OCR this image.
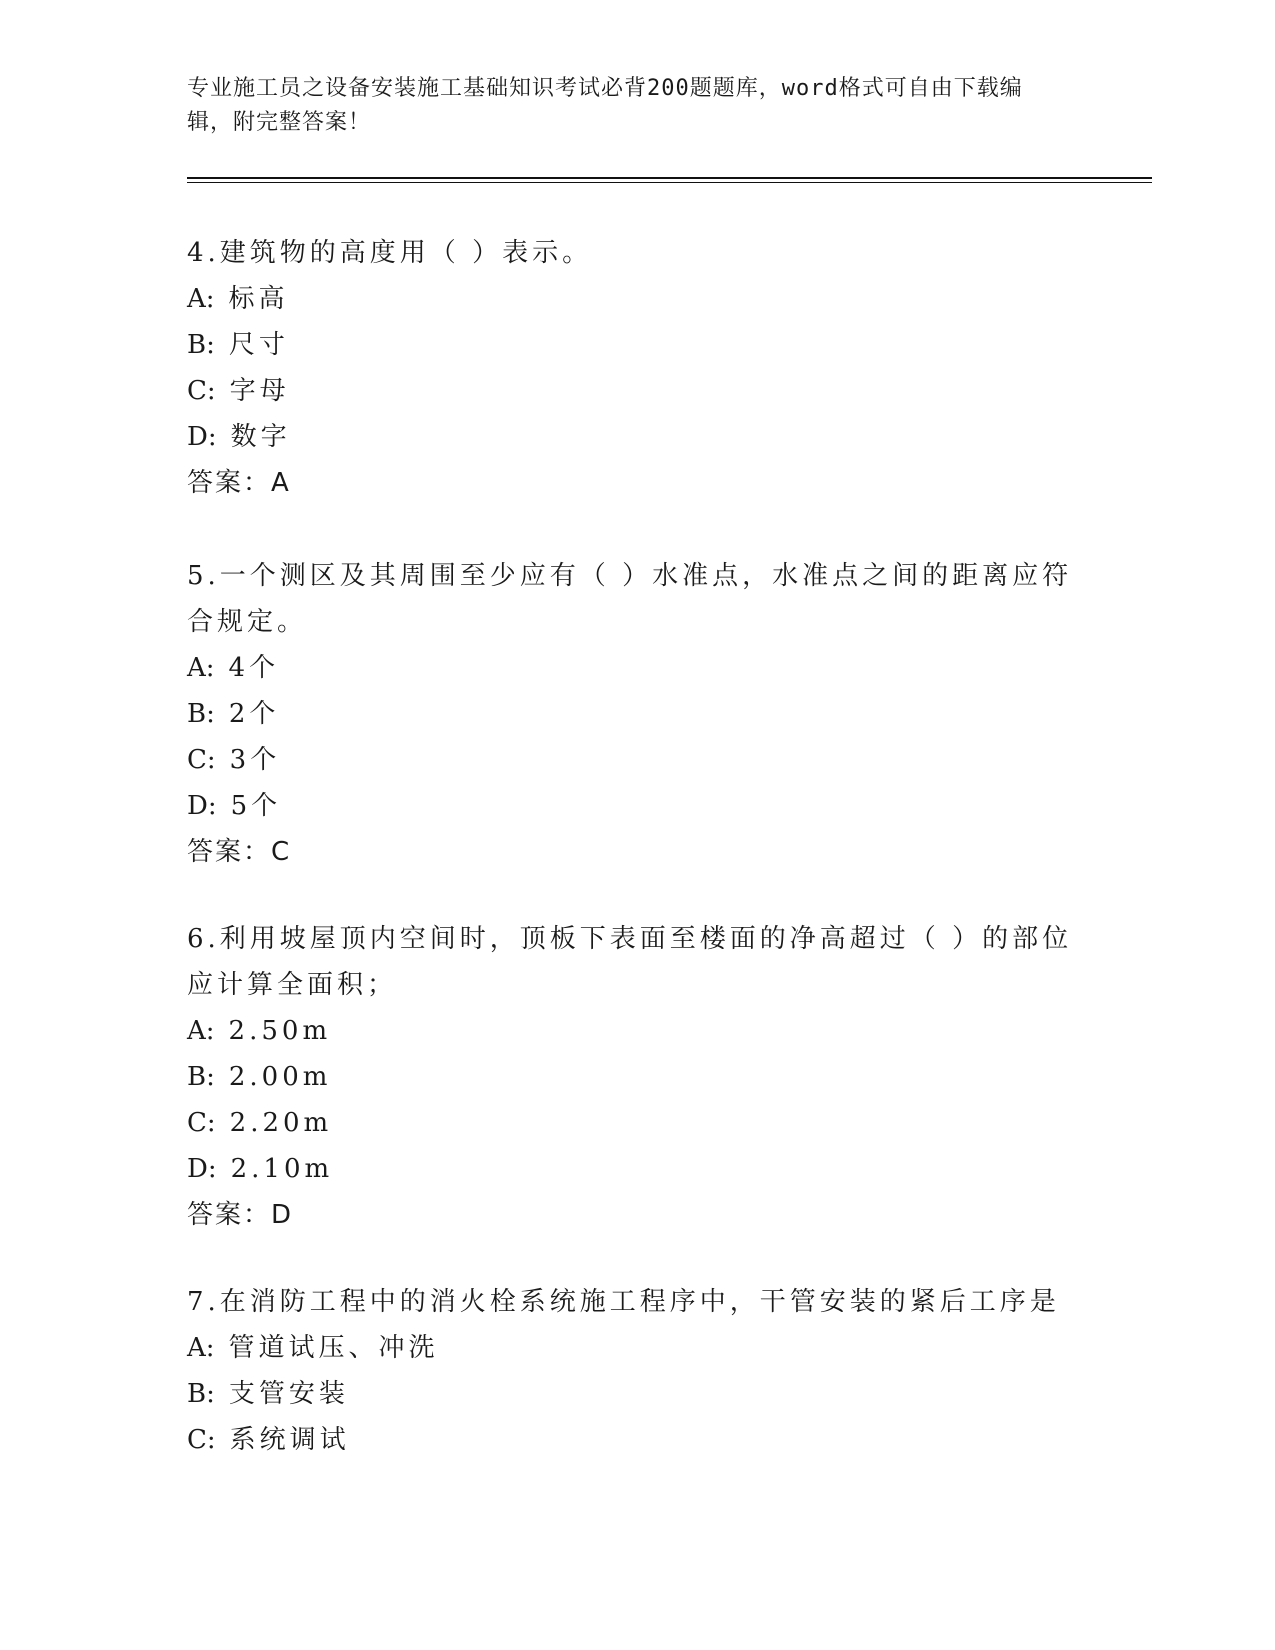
专业施工员之设备安装施工基础知识考试必背200题题库，word格式可自由下载编辑，附完整答案！
4.建筑物的高度用（ ）表示。
A: 标高
B: 尺寸
C: 字母
D: 数字
答案：A
5.一个测区及其周围至少应有（ ）水准点，水准点之间的距离应符合规定。
A: 4个
B: 2个
C: 3个
D: 5个
答案：C
6.利用坡屋顶内空间时，顶板下表面至楼面的净高超过（ ）的部位应计算全面积；
A: 2.50m
B: 2.00m
C: 2.20m
D: 2.10m
答案：D
7.在消防工程中的消火栓系统施工程序中，干管安装的紧后工序是
A: 管道试压、冲洗
B: 支管安装
C: 系统调试
